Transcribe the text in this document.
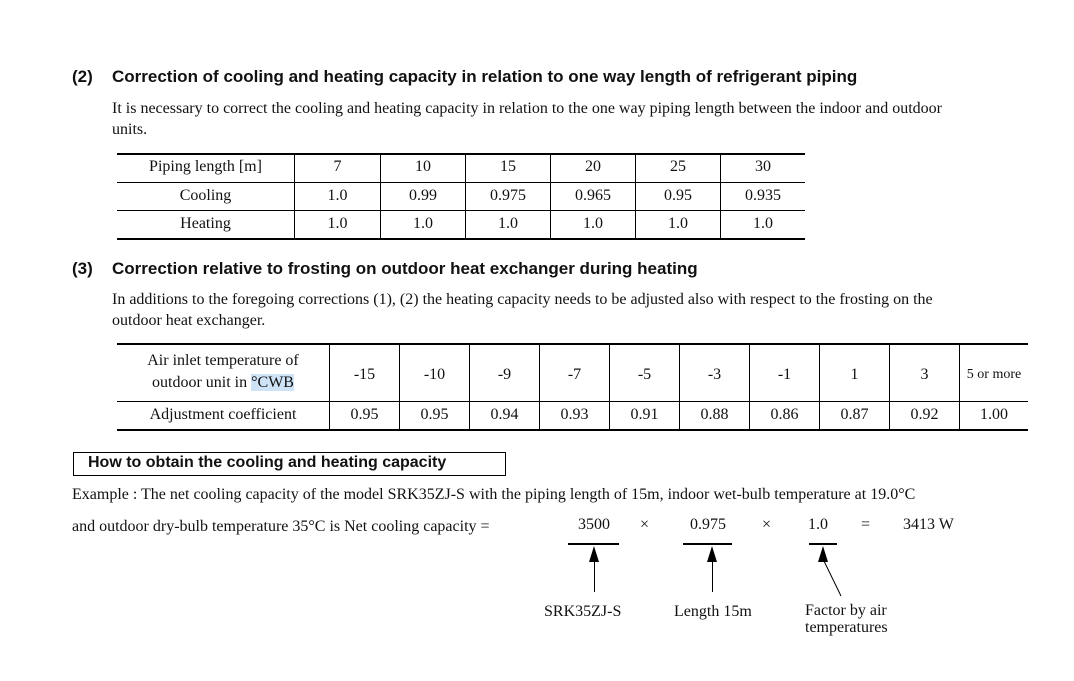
(2) Correction of cooling and heating capacity in relation to one way length of refrigerant piping
It is necessary to correct the cooling and heating capacity in relation to the one way piping length between the indoor and outdoor
units.
Piping length [m]	7	10	15	20	25	30
Cooling	1.0	0.99	0.975	0.965	0.95	0.935
Heating	1.0	1.0	1.0	1.0	1.0	1.0
(3) Correction relative to frosting on outdoor heat exchanger during heating
In additions to the foregoing corrections (1), (2) the heating capacity needs to be adjusted also with respect to the frosting on the
outdoor heat exchanger.
Air inlet temperature of
outdoor unit in °CWB	-15	-10	-9	-7	-5	-3	-1	1	3	5 or more
Adjustment coefficient	0.95	0.95	0.94	0.93	0.91	0.88	0.86	0.87	0.92	1.00
How to obtain the cooling and heating capacity
Example : The net cooling capacity of the model SRK35ZJ-S with the piping length of 15m, indoor wet-bulb temperature at 19.0°C
and outdoor dry-bulb temperature 35°C is Net cooling capacity =	3500 ×	0.975 × 1.0 = 3413 W
SRK35ZJ-S	Length 15m	Factor by air
temperatures
